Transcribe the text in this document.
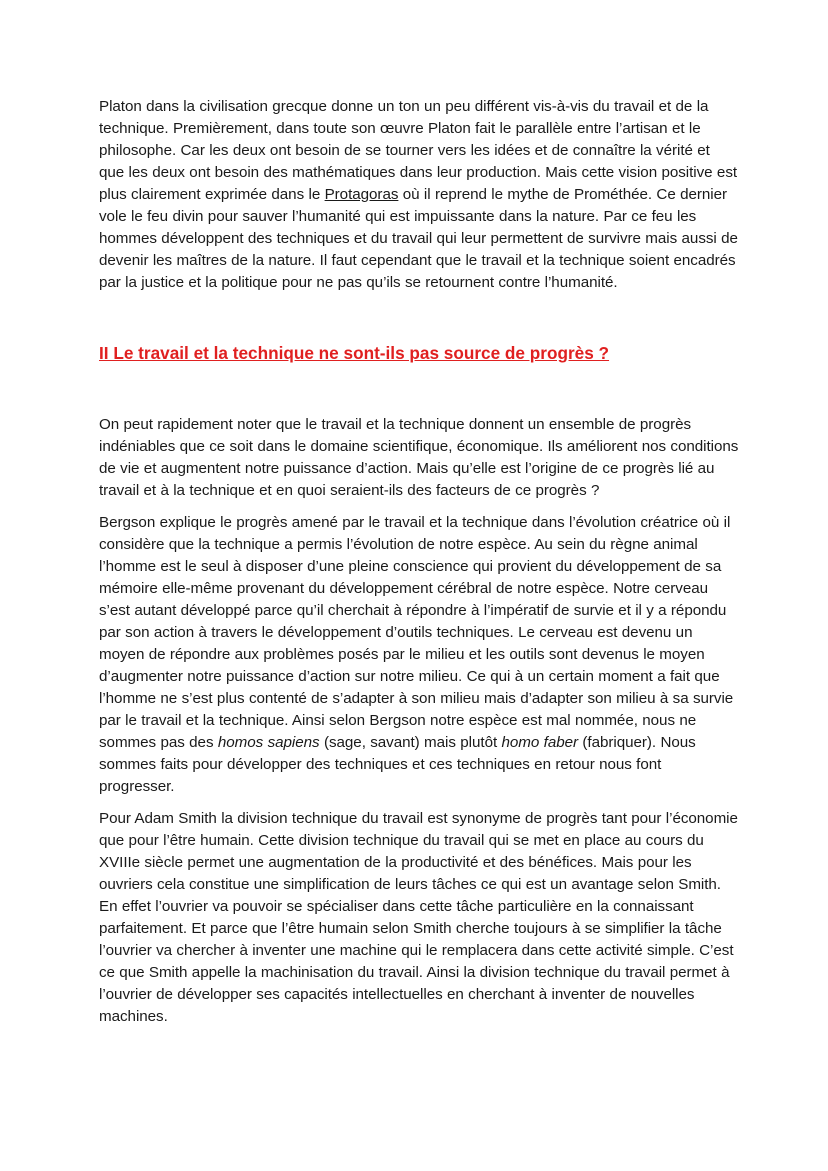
Platon dans la civilisation grecque donne un ton un peu différent vis-à-vis du travail et de la technique. Premièrement, dans toute son œuvre Platon fait le parallèle entre l’artisan et le philosophe. Car les deux ont besoin de se tourner vers les idées et de connaître la vérité et que les deux ont besoin des mathématiques dans leur production. Mais cette vision positive est plus clairement exprimée dans le Protagoras où il reprend le mythe de Prométhée. Ce dernier vole le feu divin pour sauver l’humanité qui est impuissante dans la nature. Par ce feu les hommes développent des techniques et du travail qui leur permettent de survivre mais aussi de devenir les maîtres de la nature. Il faut cependant que le travail et la technique soient encadrés par la justice et la politique pour ne pas qu’ils se retournent contre l’humanité.

II Le travail et la technique ne sont-ils pas source de progrès ?

On peut rapidement noter que le travail et la technique donnent un ensemble de progrès indéniables que ce soit dans le domaine scientifique, économique. Ils améliorent nos conditions de vie et augmentent notre puissance d’action. Mais qu’elle est l’origine de ce progrès lié au travail et à la technique et en quoi seraient-ils des facteurs de ce progrès ?

Bergson explique le progrès amené par le travail et la technique dans l’évolution créatrice où il considère que la technique a permis l’évolution de notre espèce. Au sein du règne animal l’homme est le seul à disposer d’une pleine conscience qui provient du développement de sa mémoire elle-même provenant du développement cérébral de notre espèce. Notre cerveau s’est autant développé parce qu’il cherchait à répondre à l’impératif de survie et il y a répondu par son action à travers le développement d’outils techniques. Le cerveau est devenu un moyen de répondre aux problèmes posés par le milieu et les outils sont devenus le moyen d’augmenter notre puissance d’action sur notre milieu. Ce qui à un certain moment a fait que l’homme ne s’est plus contenté de s’adapter à son milieu mais d’adapter son milieu à sa survie par le travail et la technique. Ainsi selon Bergson notre espèce est mal nommée, nous ne sommes pas des homos sapiens (sage, savant) mais plutôt homo faber (fabriquer). Nous sommes faits pour développer des techniques et ces techniques en retour nous font progresser.

Pour Adam Smith la division technique du travail est synonyme de progrès tant pour l’économie que pour l’être humain. Cette division technique du travail qui se met en place au cours du XVIIIe siècle permet une augmentation de la productivité et des bénéfices. Mais pour les ouvriers cela constitue une simplification de leurs tâches ce qui est un avantage selon Smith. En effet l’ouvrier va pouvoir se spécialiser dans cette tâche particulière en la connaissant parfaitement. Et parce que l’être humain selon Smith cherche toujours à se simplifier la tâche l’ouvrier va chercher à inventer une machine qui le remplacera dans cette activité simple. C’est ce que Smith appelle la machinisation du travail. Ainsi la division technique du travail permet à l’ouvrier de développer ses capacités intellectuelles en cherchant à inventer de nouvelles machines.
